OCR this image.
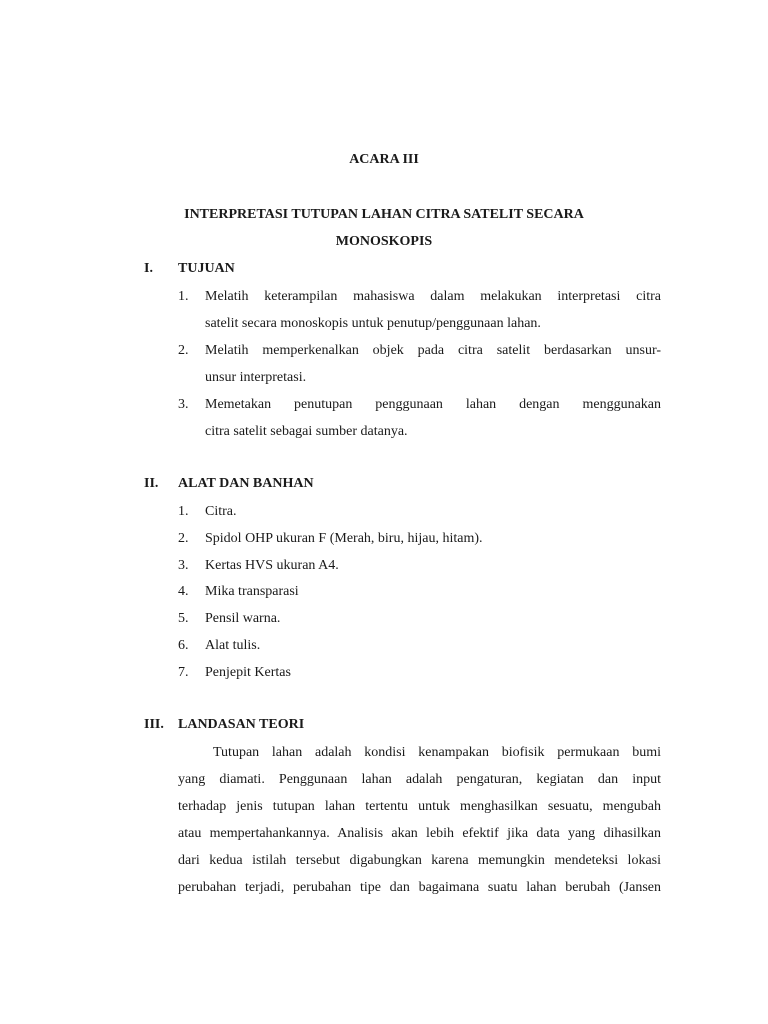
ACARA III
INTERPRETASI TUTUPAN LAHAN CITRA SATELIT SECARA
MONOSKOPIS
I. TUJUAN
1.	Melatih keterampilan mahasiswa dalam melakukan interpretasi citra
satelit secara monoskopis untuk penutup/penggunaan lahan.
2.	Melatih memperkenalkan objek pada citra satelit berdasarkan unsur-
unsur interpretasi.
3.	Memetakan penutupan penggunaan lahan dengan menggunakan
citra satelit sebagai sumber datanya.
II. ALAT DAN BANHAN
1.	Citra.
2.	Spidol OHP ukuran F (Merah, biru, hijau, hitam).
3.	Kertas HVS ukuran A4.
4.	Mika transparasi
5.	Pensil warna.
6.	Alat tulis.
7.	Penjepit Kertas
III. LANDASAN TEORI
Tutupan lahan adalah kondisi kenampakan biofisik permukaan bumi
yang diamati. Penggunaan lahan adalah pengaturan, kegiatan dan input
terhadap jenis tutupan lahan tertentu untuk menghasilkan sesuatu, mengubah
atau mempertahankannya. Analisis akan lebih efektif jika data yang dihasilkan
dari kedua istilah tersebut digabungkan karena memungkin mendeteksi lokasi
perubahan terjadi, perubahan tipe dan bagaimana suatu lahan berubah (Jansen
